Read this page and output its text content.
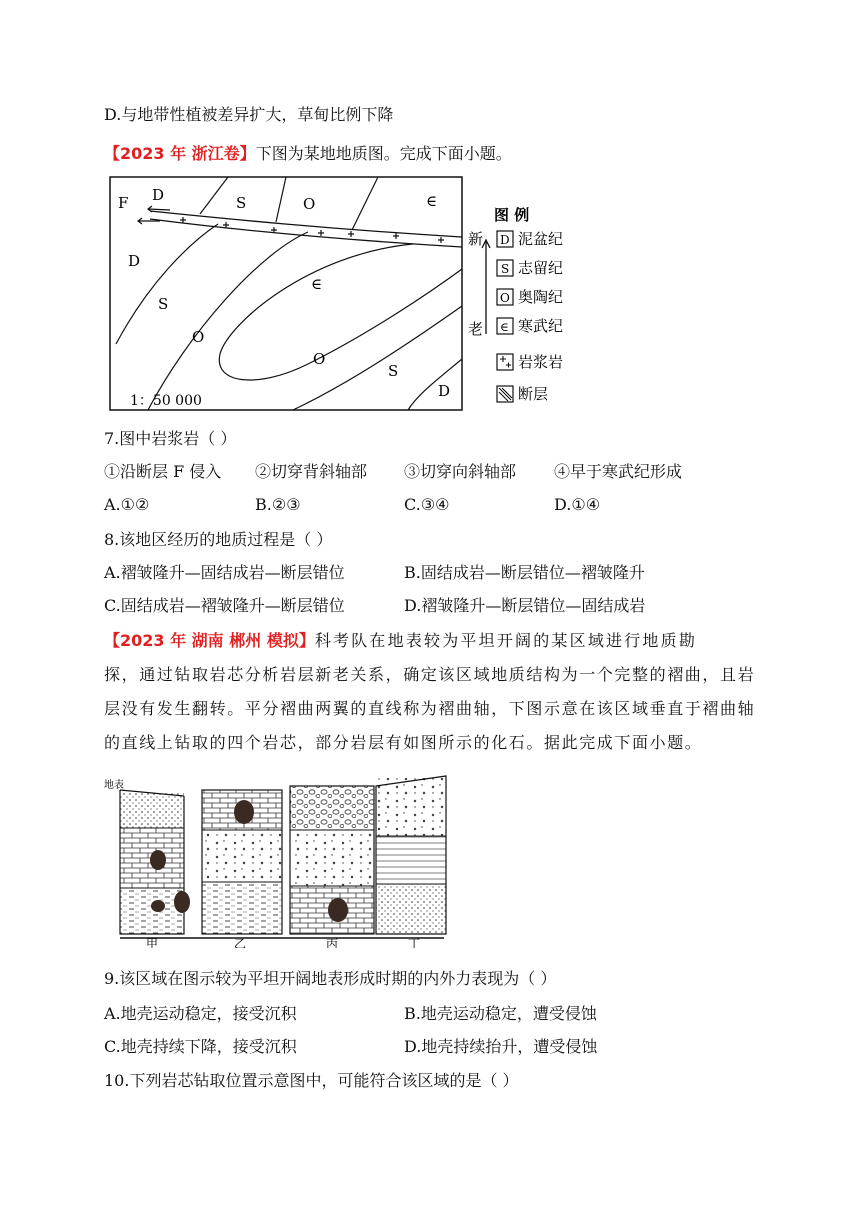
D.与地带性植被差异扩大，草甸比例下降
【2023 年 浙江卷】下图为某地地质图。完成下面小题。
F D	S	O	∈
D
S
O
∈
O
S
D
1：50 000
图 例
新
老
D 泥盆纪
S 志留纪
O 奥陶纪
∈ 寒武纪
岩浆岩
断层
7.图中岩浆岩（ ）
①沿断层 F 侵入 ②切穿背斜轴部 ③切穿向斜轴部 ④早于寒武纪形成
A.①②	B.②③	C.③④	D.①④
8.该地区经历的地质过程是（ ）
A.褶皱隆升—固结成岩—断层错位	B.固结成岩—断层错位—褶皱隆升
C.固结成岩—褶皱隆升—断层错位	D.褶皱隆升—断层错位—固结成岩
【2023 年 湖南 郴州 模拟】科考队在地表较为平坦开阔的某区域进行地质勘
探，通过钻取岩芯分析岩层新老关系，确定该区域地质结构为一个完整的褶曲，且岩
层没有发生翻转。平分褶曲两翼的直线称为褶曲轴，下图示意在该区域垂直于褶曲轴
的直线上钻取的四个岩芯，部分岩层有如图所示的化石。据此完成下面小题。
地表
甲	乙	丙	丁
9.该区域在图示较为平坦开阔地表形成时期的内外力表现为（ ）
A.地壳运动稳定，接受沉积	B.地壳运动稳定，遭受侵蚀
C.地壳持续下降，接受沉积	D.地壳持续抬升，遭受侵蚀
10.下列岩芯钻取位置示意图中，可能符合该区域的是（ ）
